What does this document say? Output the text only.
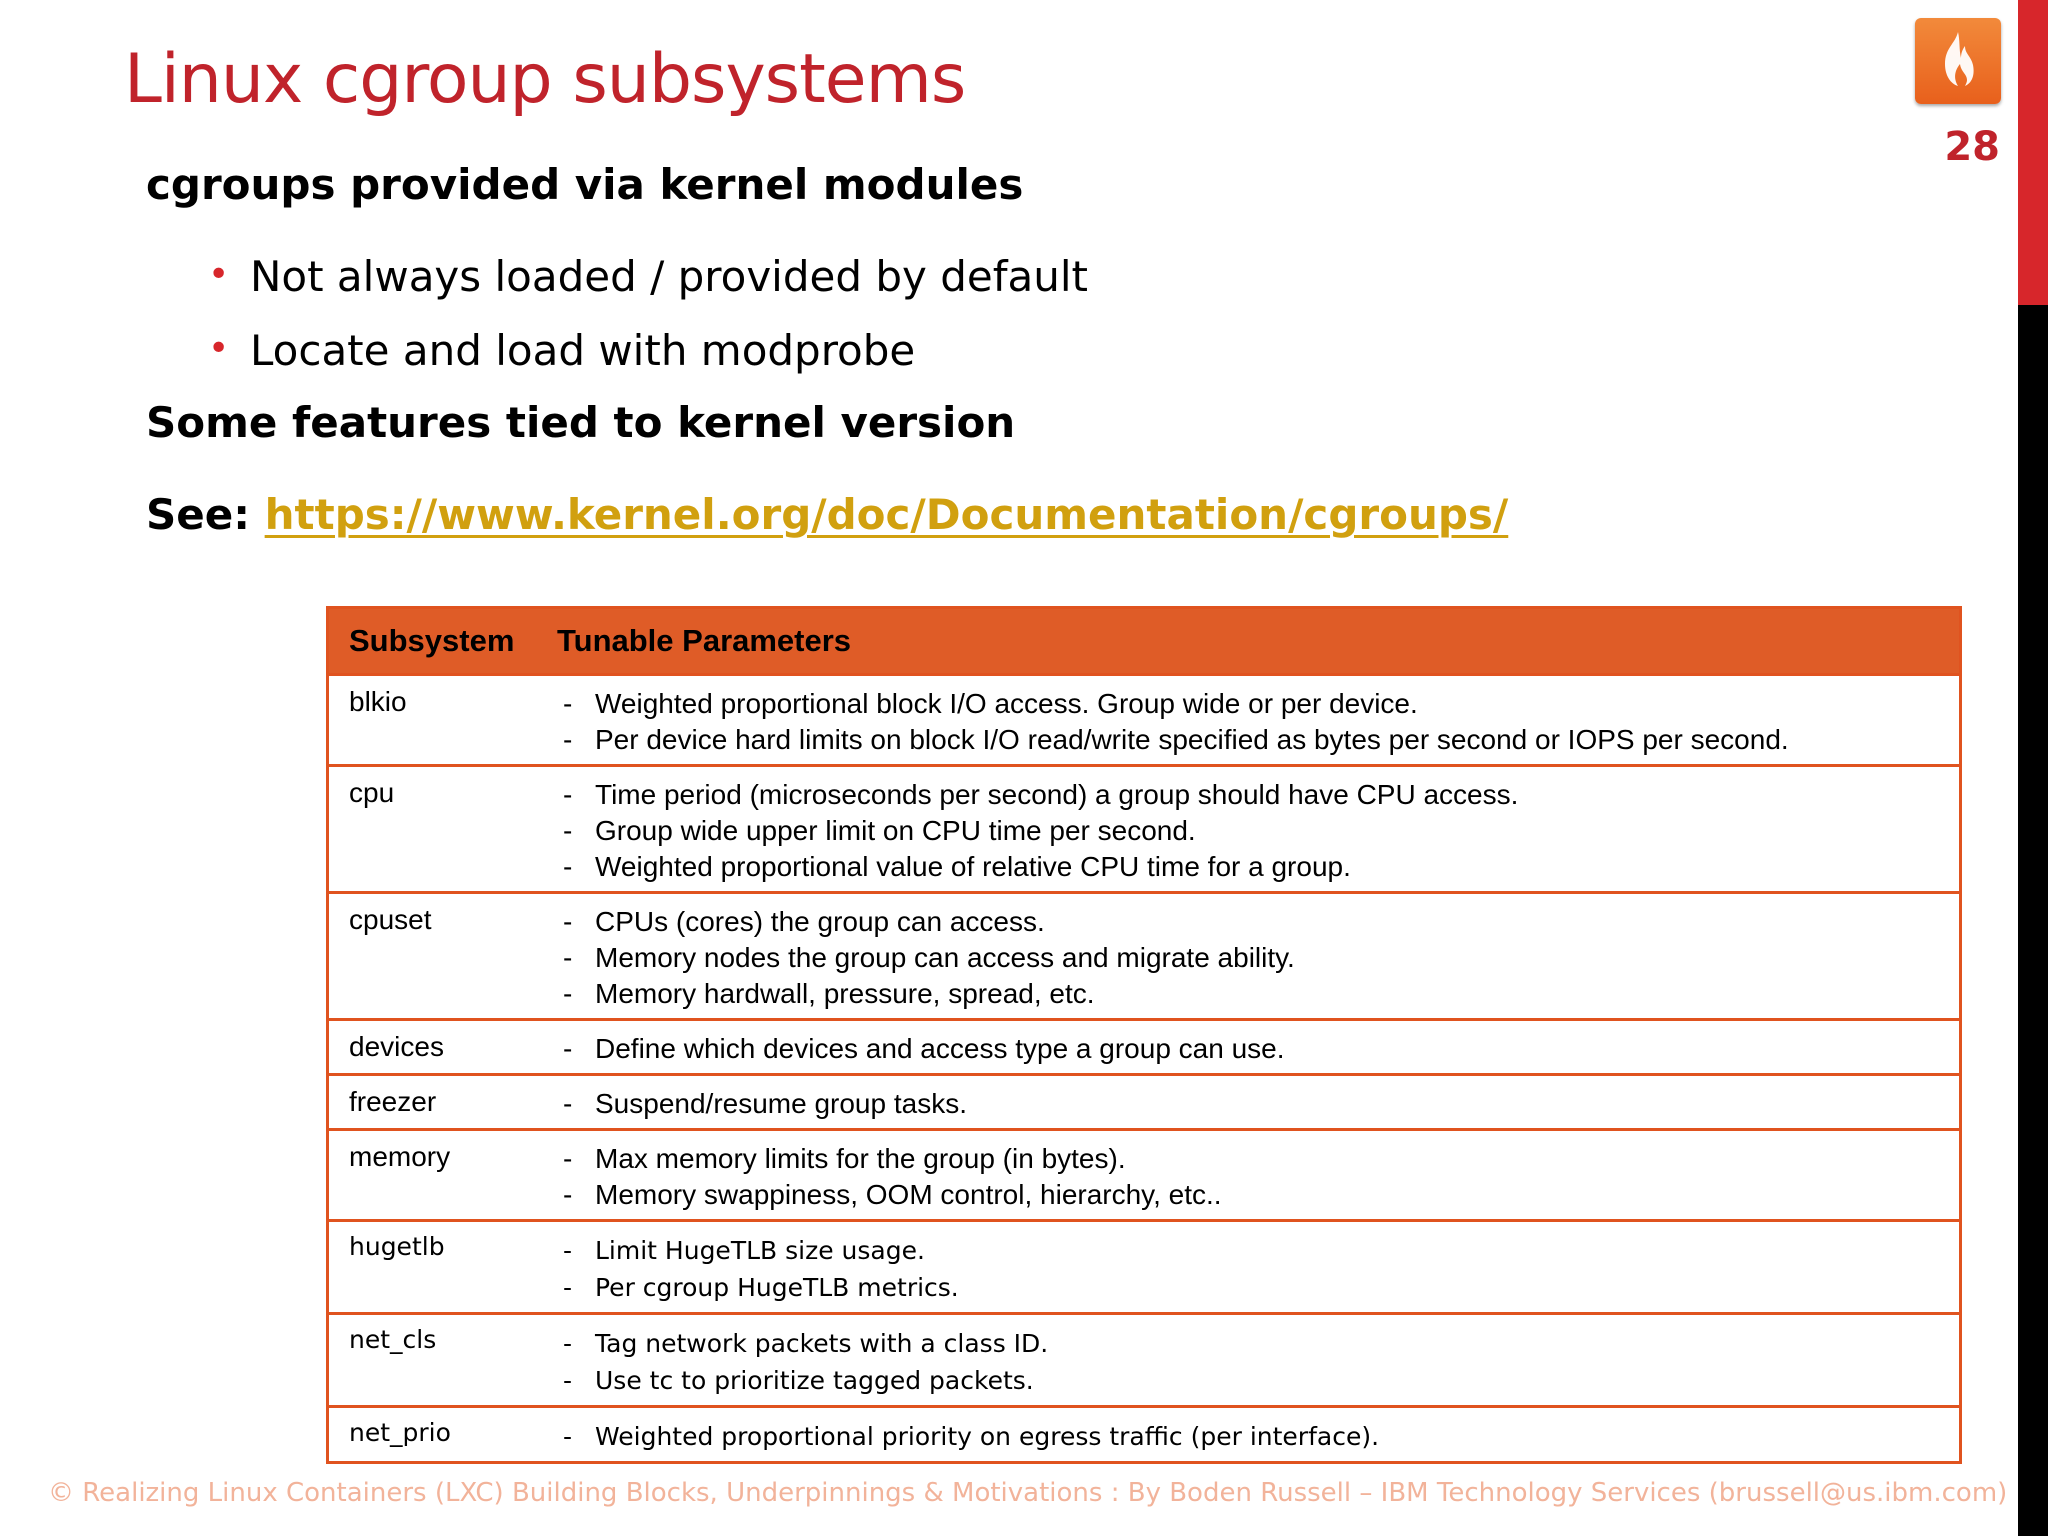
28
Linux cgroup subsystems
cgroups provided via kernel modules
• Not always loaded / provided by default
• Locate and load with modprobe
Some features tied to kernel version
See: https://www.kernel.org/doc/Documentation/cgroups/
Subsystem	Tunable Parameters
blkio	- Weighted proportional block I/O access. Group wide or per device.
- Per device hard limits on block I/O read/write specified as bytes per second or IOPS per second.
cpu	- Time period (microseconds per second) a group should have CPU access.
- Group wide upper limit on CPU time per second.
- Weighted proportional value of relative CPU time for a group.
cpuset	- CPUs (cores) the group can access.
- Memory nodes the group can access and migrate ability.
- Memory hardwall, pressure, spread, etc.
devices	- Define which devices and access type a group can use.
freezer	- Suspend/resume group tasks.
memory	- Max memory limits for the group (in bytes).
- Memory swappiness, OOM control, hierarchy, etc..
hugetlb	- Limit HugeTLB size usage.
- Per cgroup HugeTLB metrics.
net_cls	- Tag network packets with a class ID.
- Use tc to prioritize tagged packets.
net_prio	- Weighted proportional priority on egress traffic (per interface).
© Realizing Linux Containers (LXC) Building Blocks, Underpinnings & Motivations : By Boden Russell – IBM Technology Services (brussell@us.ibm.com)
